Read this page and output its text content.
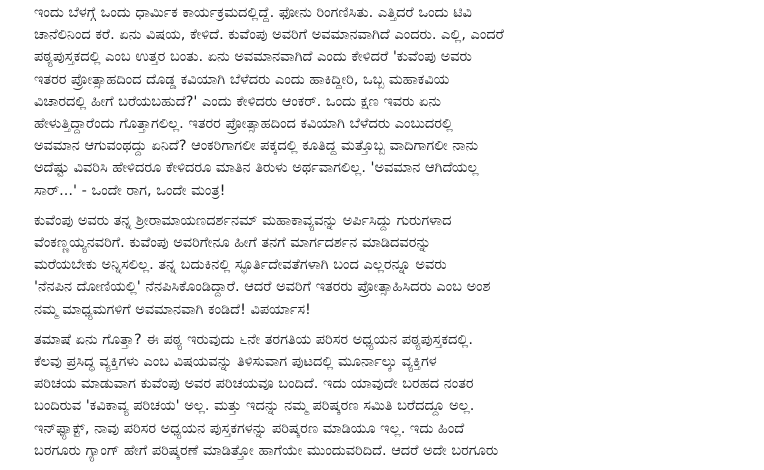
ಇಂದು ಬೆಳಗ್ಗೆ ಒಂದು ಧಾರ್ಮಿಕ ಕಾರ್ಯಕ್ರಮದಲ್ಲಿದ್ದೆ. ಫೋನು ರಿಂಗಣಿಸಿತು. ಎತ್ತಿದರೆ ಒಂದು ಟಿವಿ
ಚಾನೆಲಿನಿಂದ ಕರೆ. ಏನು ವಿಷಯ, ಕೇಳಿದೆ. ಕುವೆಂಪು ಅವರಿಗೆ ಅವಮಾನವಾಗಿದೆ ಎಂದರು. ಎಲ್ಲಿ, ಎಂದರೆ
ಪಠ್ಯಪುಸ್ತಕದಲ್ಲಿ ಎಂಬ ಉತ್ತರ ಬಂತು. ಏನು ಅವಮಾನವಾಗಿದೆ ಎಂದು ಕೇಳಿದರೆ 'ಕುವೆಂಪು ಅವರು
ಇತರರ ಪ್ರೋತ್ಸಾಹದಿಂದ ದೊಡ್ಡ ಕವಿಯಾಗಿ ಬೆಳೆದರು ಎಂದು ಹಾಕಿದ್ದೀರಿ, ಒಬ್ಬ ಮಹಾಕವಿಯ
ವಿಚಾರದಲ್ಲಿ ಹೀಗೆ ಬರೆಯಬಹುದೆ?' ಎಂದು ಕೇಳಿದರು ಆಂಕರ್. ಒಂದು ಕ್ಷಣ ಇವರು ಏನು
ಹೇಳುತ್ತಿದ್ದಾರೆಂದು ಗೊತ್ತಾಗಲಿಲ್ಲ. ಇತರರ ಪ್ರೋತ್ಸಾಹದಿಂದ ಕವಿಯಾಗಿ ಬೆಳೆದರು ಎಂಬುದರಲ್ಲಿ
ಅವಮಾನ ಆಗುವಂಥದ್ದು ಏನಿದೆ? ಆಂಕರಿಗಾಗಲೀ ಪಕ್ಕದಲ್ಲಿ ಕೂತಿದ್ದ ಮತ್ತೊಬ್ಬ ವಾದಿಗಾಗಲೀ ನಾನು
ಅದೆಷ್ಟು ವಿವರಿಸಿ ಹೇಳಿದರೂ ಕೇಳಿದರೂ ಮಾತಿನ ತಿರುಳು ಅರ್ಥವಾಗಲಿಲ್ಲ. 'ಅವಮಾನ ಆಗಿದೆಯಲ್ಲ
ಸಾರ್...' - ಒಂದೇ ರಾಗ, ಒಂದೇ ಮಂತ್ರ!

ಕುವೆಂಪು ಅವರು ತನ್ನ ಶ್ರೀರಾಮಾಯಣದರ್ಶನಮ್ ಮಹಾಕಾವ್ಯವನ್ನು ಅರ್ಪಿಸಿದ್ದು ಗುರುಗಳಾದ
ವೆಂಕಣ್ಣಯ್ಯನವರಿಗೆ. ಕುವೆಂಪು ಅವರಿಗೇನೂ ಹೀಗೆ ತನಗೆ ಮಾರ್ಗದರ್ಶನ ಮಾಡಿದವರನ್ನು
ಮರೆಯಬೇಕು ಅನ್ನಿಸಲಿಲ್ಲ. ತನ್ನ ಬದುಕಿನಲ್ಲಿ ಸ್ಫೂರ್ತಿದೇವತೆಗಳಾಗಿ ಬಂದ ಎಲ್ಲರನ್ನೂ ಅವರು
'ನೆನಪಿನ ದೋಣಿಯಲ್ಲಿ' ನೆನಪಿಸಿಕೊಂಡಿದ್ದಾರೆ. ಆದರೆ ಅವರಿಗೆ ಇತರರು ಪ್ರೋತ್ಸಾಹಿಸಿದರು ಎಂಬ ಅಂಶ
ನಮ್ಮ ಮಾಧ್ಯಮಗಳಿಗೆ ಅವಮಾನವಾಗಿ ಕಂಡಿದೆ! ವಿಪರ್ಯಾಸ!

ತಮಾಷೆ ಏನು ಗೊತ್ತಾ? ಈ ಪಠ್ಯ ಇರುವುದು ೬ನೇ ತರಗತಿಯ ಪರಿಸರ ಅಧ್ಯಯನ ಪಠ್ಯಪುಸ್ತಕದಲ್ಲಿ.
ಕೆಲವು ಪ್ರಸಿದ್ಧ ವ್ಯಕ್ತಿಗಳು ಎಂಬ ವಿಷಯವನ್ನು ತಿಳಿಸುವಾಗ ಪುಟದಲ್ಲಿ ಮೂರ್ನಾಲ್ಕು ವ್ಯಕ್ತಿಗಳ
ಪರಿಚಯ ಮಾಡುವಾಗ ಕುವೆಂಪು ಅವರ ಪರಿಚಯವೂ ಬಂದಿದೆ. ಇದು ಯಾವುದೇ ಬರಹದ ನಂತರ
ಬಂದಿರುವ 'ಕವಿಕಾವ್ಯ ಪರಿಚಯ' ಅಲ್ಲ. ಮತ್ತು ಇದನ್ನು ನಮ್ಮ ಪರಿಷ್ಕರಣ ಸಮಿತಿ ಬರೆದದ್ದೂ ಅಲ್ಲ.
ಇನ್‌ಫ್ಯಾಕ್ಟ್, ನಾವು ಪರಿಸರ ಅಧ್ಯಯನ ಪುಸ್ತಕಗಳನ್ನು ಪರಿಷ್ಕರಣ ಮಾಡಿಯೂ ಇಲ್ಲ. ಇದು ಹಿಂದೆ
ಬರಗೂರು ಗ್ಯಾಂಗ್ ಹೇಗೆ ಪರಿಷ್ಕರಣೆ ಮಾಡಿತ್ತೋ ಹಾಗೆಯೇ ಮುಂದುವರಿದಿದೆ. ಆದರೆ ಅದೇ ಬರಗೂರು
